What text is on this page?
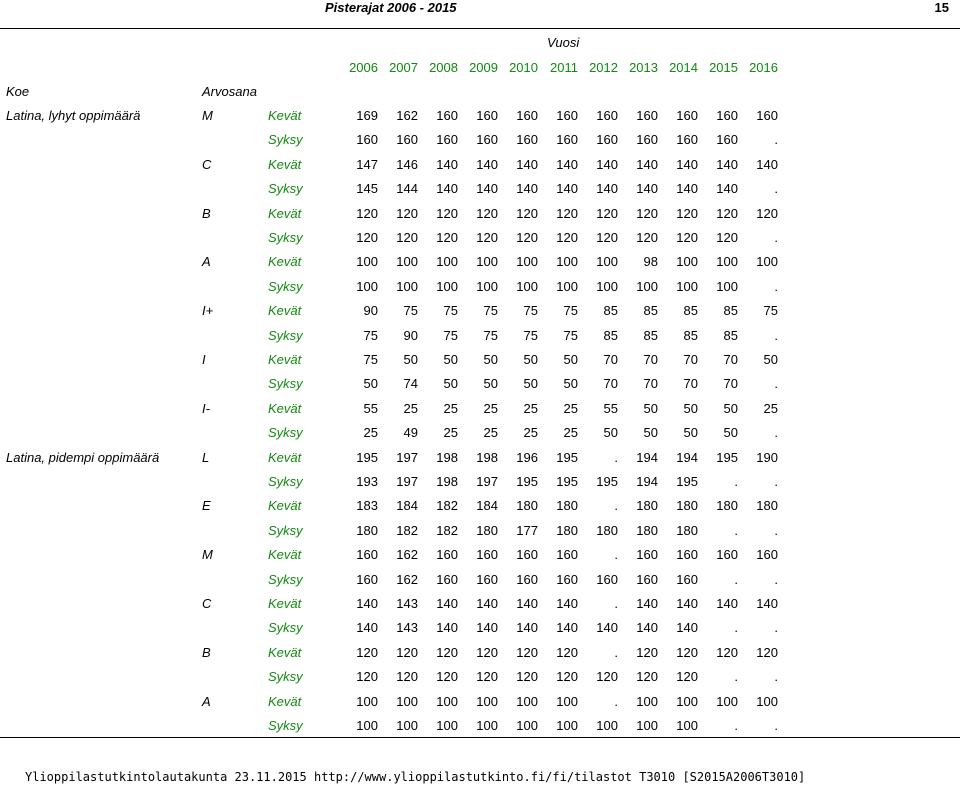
Pisterajat 2006 - 2015	15
Vuosi
2006 2007 2008 2009 2010 2011 2012 2013 2014 2015 2016
Koe	Arvosana
Latina, lyhyt oppimäärä	M	Kevät	169	162	160	160	160	160	160	160	160	160	160
Syksy	160	160	160	160	160	160	160	160	160	160	.
C	Kevät	147	146	140	140	140	140	140	140	140	140	140
Syksy	145	144	140	140	140	140	140	140	140	140	.
B	Kevät	120	120	120	120	120	120	120	120	120	120	120
Syksy	120	120	120	120	120	120	120	120	120	120	.
A	Kevät	100	100	100	100	100	100	100	98	100	100	100
Syksy	100	100	100	100	100	100	100	100	100	100	.
I+	Kevät	90	75	75	75	75	75	85	85	85	85	75
Syksy	75	90	75	75	75	75	85	85	85	85	.
I	Kevät	75	50	50	50	50	50	70	70	70	70	50
Syksy	50	74	50	50	50	50	70	70	70	70	.
I-	Kevät	55	25	25	25	25	25	55	50	50	50	25
Syksy	25	49	25	25	25	25	50	50	50	50	.
Latina, pidempi oppimäärä	L	Kevät	195	197	198	198	196	195	.	194	194	195	190
Syksy	193	197	198	197	195	195	195	194	195	.	.
E	Kevät	183	184	182	184	180	180	.	180	180	180	180
Syksy	180	182	182	180	177	180	180	180	180	.	.
M	Kevät	160	162	160	160	160	160	.	160	160	160	160
Syksy	160	162	160	160	160	160	160	160	160	.	.
C	Kevät	140	143	140	140	140	140	.	140	140	140	140
Syksy	140	143	140	140	140	140	140	140	140	.	.
B	Kevät	120	120	120	120	120	120	.	120	120	120	120
Syksy	120	120	120	120	120	120	120	120	120	.	.
A	Kevät	100	100	100	100	100	100	.	100	100	100	100
Syksy	100	100	100	100	100	100	100	100	100	.	.
Ylioppilastutkintolautakunta 23.11.2015 http://www.ylioppilastutkinto.fi/fi/tilastot T3010 [S2015A2006T3010]
